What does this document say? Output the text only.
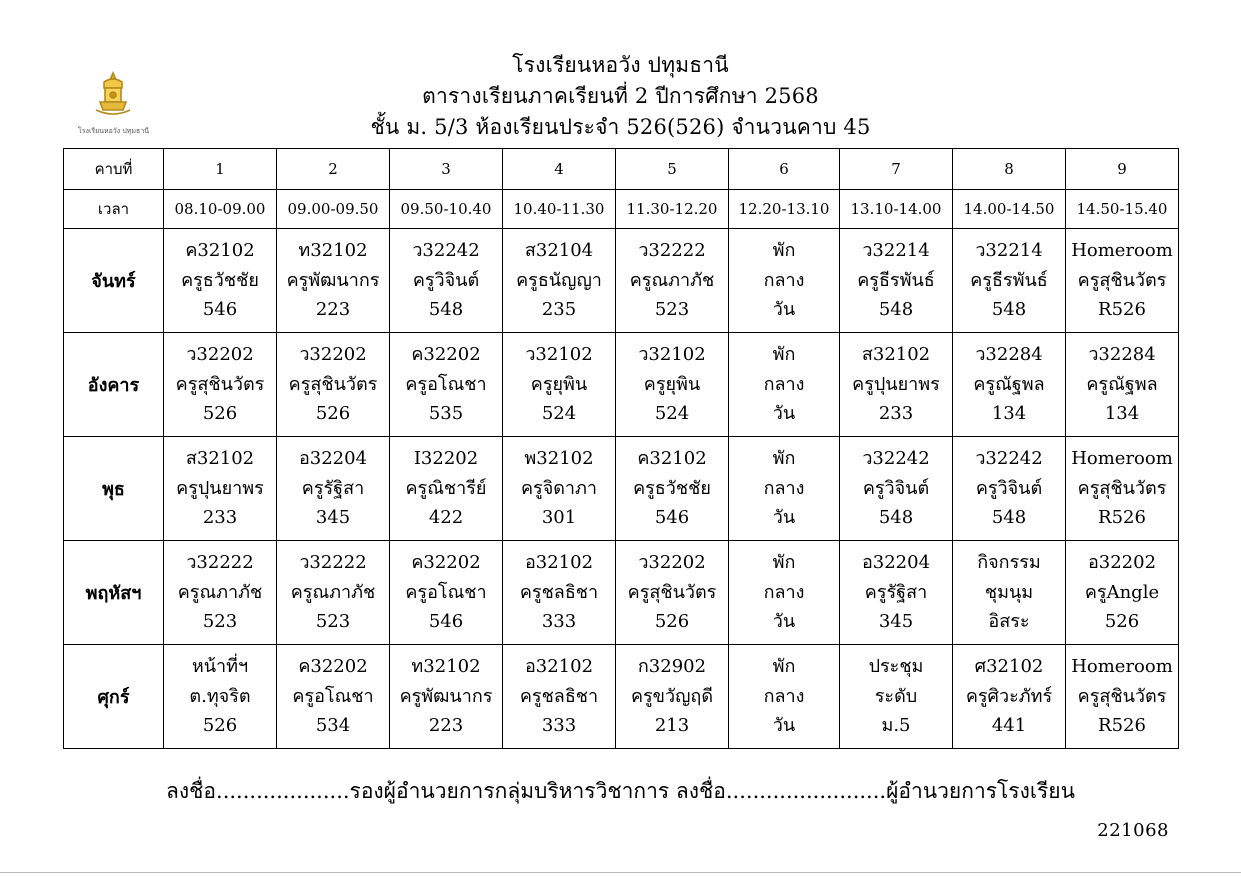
โรงเรียนหอวัง ปทุมธานี
โรงเรียนหอวัง ปทุมธานี
ตารางเรียนภาคเรียนที่ 2 ปีการศึกษา 2568
ชั้น ม. 5/3 ห้องเรียนประจำ 526(526) จำนวนคาบ 45
คาบที่	1	2	3	4	5	6	7	8	9
เวลา	08.10-09.00	09.00-09.50	09.50-10.40	10.40-11.30	11.30-12.20	12.20-13.10	13.10-14.00	14.00-14.50	14.50-15.40
จันทร์	ค32102
ครูธวัชชัย
546	ท32102
ครูพัฒนากร
223	ว32242
ครูวิจินต์
548	ส32104
ครูธนัญญา
235	ว32222
ครูณภาภัช
523	พัก
กลาง
วัน	ว32214
ครูธีรพันธ์
548	ว32214
ครูธีรพันธ์
548	Homeroom
ครูสุชินวัตร
R526

อังคาร	ว32202
ครูสุชินวัตร
526	ว32202
ครูสุชินวัตร
526	ค32202
ครูอโณชา
535	ว32102
ครูยุพิน
524	ว32102
ครูยุพิน
524	พัก
กลาง
วัน	ส32102
ครูปุนยาพร
233	ว32284
ครูณัฐพล
134	ว32284
ครูณัฐพล
134

พุธ	ส32102
ครูปุนยาพร
233	อ32204
ครูรัฐิสา
345	I32202
ครูณิชารีย์
422	พ32102
ครูจิดาภา
301	ค32102
ครูธวัชชัย
546	พัก
กลาง
วัน	ว32242
ครูวิจินต์
548	ว32242
ครูวิจินต์
548	Homeroom
ครูสุชินวัตร
R526

พฤหัสฯ	ว32222
ครูณภาภัช
523	ว32222
ครูณภาภัช
523	ค32202
ครูอโณชา
546	อ32102
ครูชลธิชา
333	ว32202
ครูสุชินวัตร
526	พัก
กลาง
วัน	อ32204
ครูรัฐิสา
345	กิจกรรม
ชุมนุม
อิสระ	อ32202
ครูAngle
526

ศุกร์	หน้าที่ฯ
ต.ทุจริต
526	ค32202
ครูอโณชา
534	ท32102
ครูพัฒนากร
223	อ32102
ครูชลธิชา
333	ก32902
ครูขวัญฤดี
213	พัก
กลาง
วัน	ประชุม
ระดับ
ม.5	ศ32102
ครูศิวะภัทร์
441	Homeroom
ครูสุชินวัตร
R526
ลงชื่อ....................รองผู้อำนวยการกลุ่มบริหารวิชาการ ลงชื่อ........................ผู้อำนวยการโรงเรียน
221068
